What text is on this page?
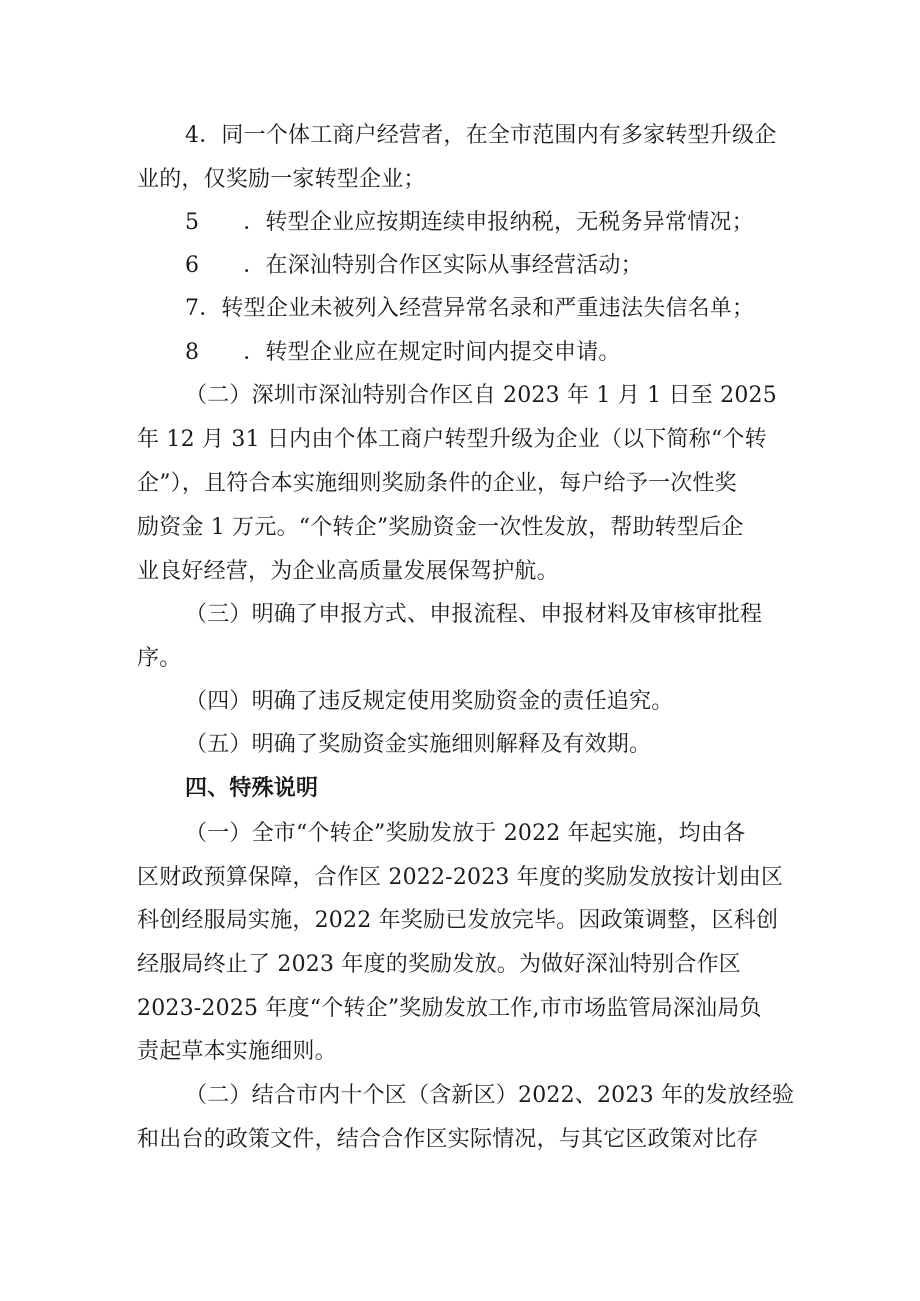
4．同一个体工商户经营者，在全市范围内有多家转型升级企
业的，仅奖励一家转型企业；
5 ．转型企业应按期连续申报纳税，无税务异常情况；
6 ．在深汕特别合作区实际从事经营活动；
7．转型企业未被列入经营异常名录和严重违法失信名单；
8 ．转型企业应在规定时间内提交申请。
（二）深圳市深汕特别合作区自 2023 年 1 月 1 日至 2025
年 12 月 31 日内由个体工商户转型升级为企业（以下简称“个转
企”），且符合本实施细则奖励条件的企业，每户给予一次性奖
励资金 1 万元。“个转企”奖励资金一次性发放，帮助转型后企
业良好经营，为企业高质量发展保驾护航。
（三）明确了申报方式、申报流程、申报材料及审核审批程
序。
（四）明确了违反规定使用奖励资金的责任追究。
（五）明确了奖励资金实施细则解释及有效期。
四、特殊说明
（一）全市“个转企”奖励发放于 2022 年起实施，均由各
区财政预算保障，合作区 2022-2023 年度的奖励发放按计划由区
科创经服局实施，2022 年奖励已发放完毕。因政策调整，区科创
经服局终止了 2023 年度的奖励发放。为做好深汕特别合作区
2023-2025 年度“个转企”奖励发放工作,市市场监管局深汕局负
责起草本实施细则。
（二）结合市内十个区（含新区）2022、2023 年的发放经验
和出台的政策文件，结合合作区实际情况，与其它区政策对比存
